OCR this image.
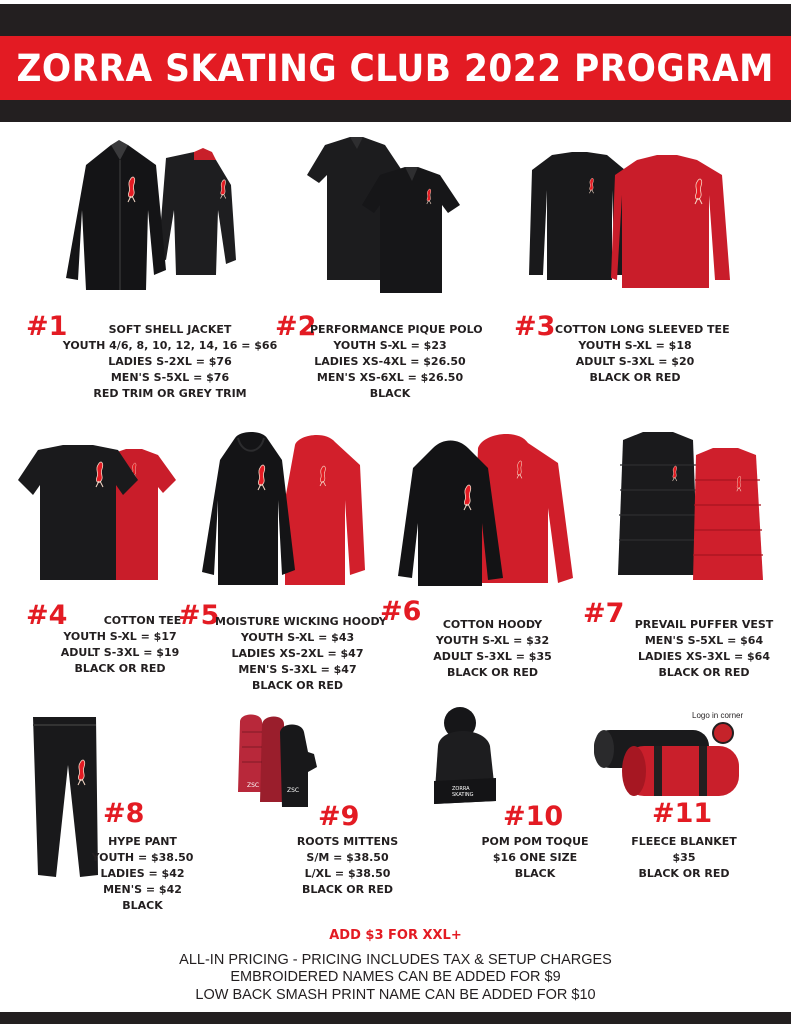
ZORRA SKATING CLUB 2022 PROGRAM
#1	SOFT SHELL JACKET
YOUTH 4/6, 8, 10, 12, 14, 16 = $66
LADIES S-2XL = $76
MEN'S S-5XL = $76
RED TRIM OR GREY TRIM
#2
PERFORMANCE PIQUE POLO
YOUTH S-XL = $23
LADIES XS-4XL = $26.50
MEN'S XS-6XL = $26.50
BLACK
#3 COTTON LONG SLEEVED TEE
YOUTH S-XL = $18
ADULT S-3XL = $20
BLACK OR RED
#4	COTTON TEE
YOUTH S-XL = $17
ADULT S-3XL = $19
BLACK OR RED
#5
MOISTURE WICKING HOODY
YOUTH S-XL = $43
LADIES XS-2XL = $47
MEN'S S-3XL = $47
BLACK OR RED
#6	COTTON HOODY
YOUTH S-XL = $32
ADULT S-3XL = $35
BLACK OR RED
#7 PREVAIL PUFFER VEST
MEN'S S-5XL = $64
LADIES XS-3XL = $64
BLACK OR RED
#8
HYPE PANT
YOUTH = $38.50
LADIES = $42
MEN'S = $42
BLACK
ZSC
ZSC
#9
ROOTS MITTENS
S/M = $38.50
L/XL = $38.50
BLACK OR RED
ZORRA
SKATING
#10
POM POM TOQUE
$16 ONE SIZE
BLACK
Logo in corner
#11
FLEECE BLANKET
$35
BLACK OR RED
ADD $3 FOR XXL+
ALL-IN PRICING - PRICING INCLUDES TAX & SETUP CHARGES
EMBROIDERED NAMES CAN BE ADDED FOR $9
LOW BACK SMASH PRINT NAME CAN BE ADDED FOR $10
